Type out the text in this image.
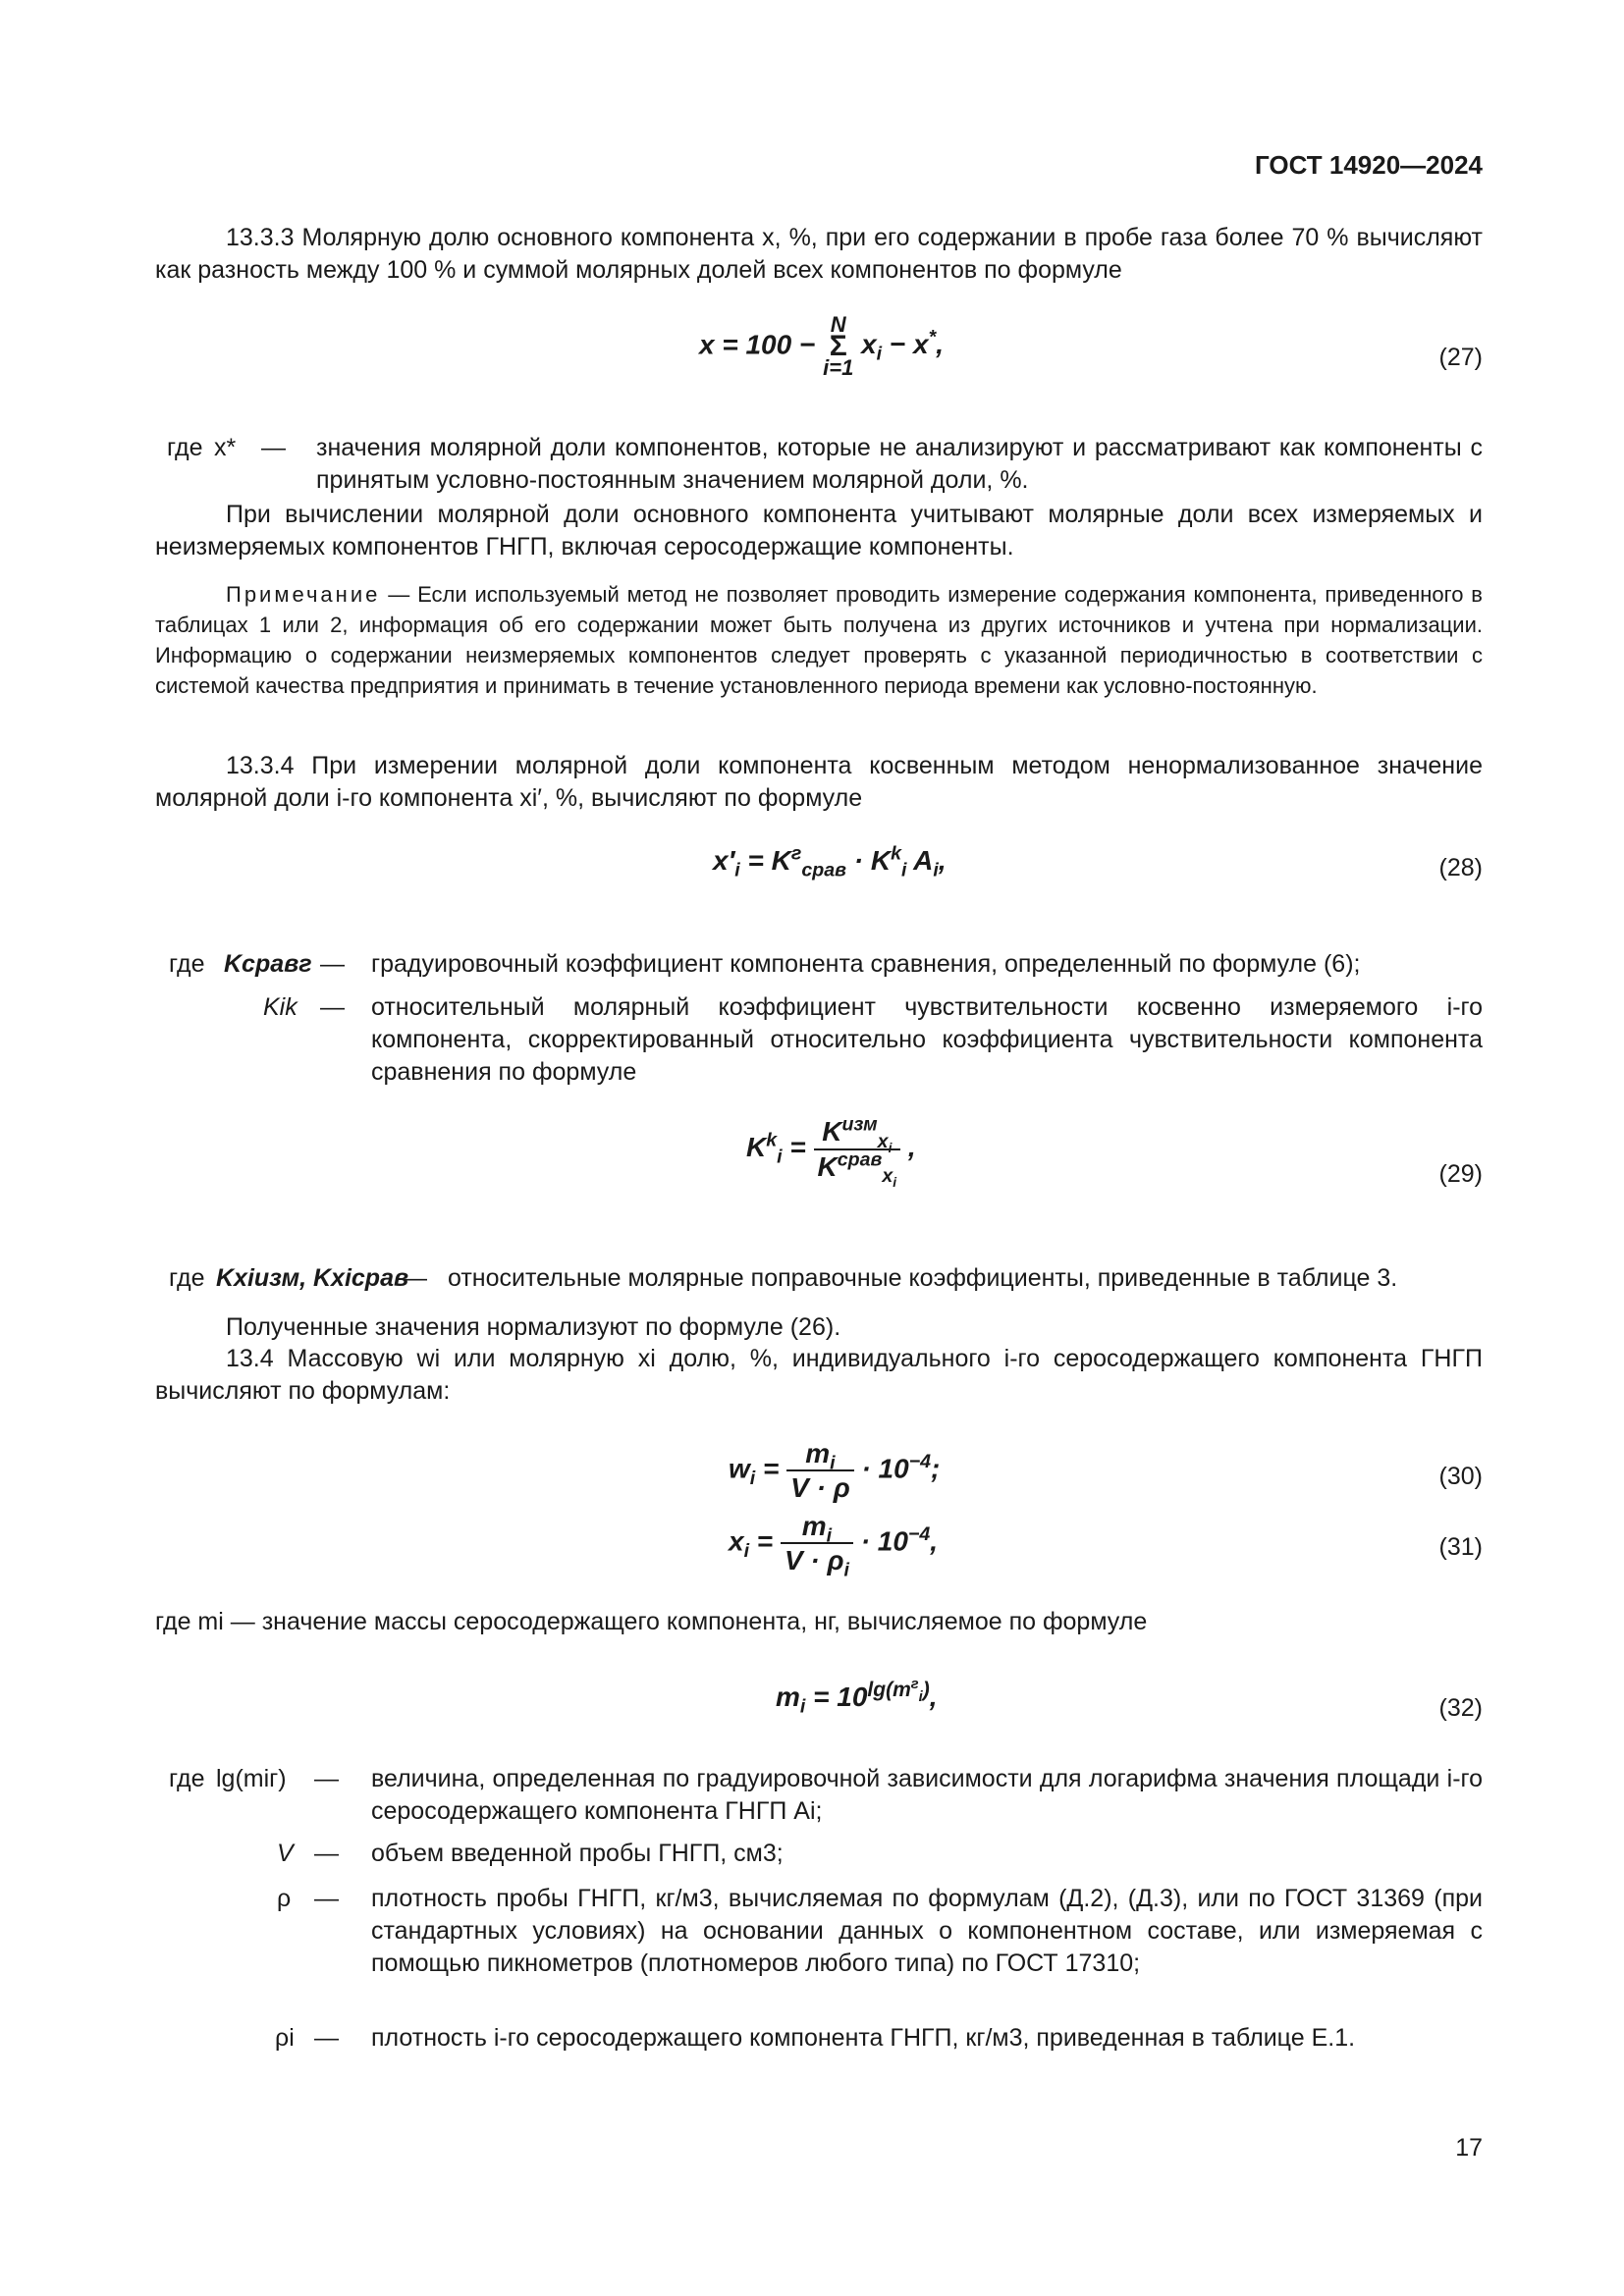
ГОСТ 14920—2024
13.3.3 Молярную долю основного компонента x, %, при его содержании в пробе газа более 70 % вычисляют как разность между 100 % и суммой молярных долей всех компонентов по формуле
x = 100 −
N
Σ
i=1
$x_i - x^*$,	(27)
где x* — значения молярной доли компонентов, которые не анализируют и рассматривают как компоненты с принятым условно-постоянным значением молярной доли, %.
При вычислении молярной доли основного компонента учитывают молярные доли всех измеряемых и неизмеряемых компонентов ГНГП, включая серосодержащие компоненты.
Примечание — Если используемый метод не позволяет проводить измерение содержания компонента, приведенного в таблицах 1 или 2, информация об его содержании может быть получена из других источников и учтена при нормализации. Информацию о содержании неизмеряемых компонентов следует проверять с указанной периодичностью в соответствии с системой качества предприятия и принимать в течение установленного периода времени как условно-постоянную.
13.3.4 При измерении молярной доли компонента косвенным методом ненормализованное значение молярной доли i-го компонента xi′, %, вычисляют по формуле
$x'_i = K^г_{срав} \cdot K^k_i$ $A_i$,	(28)
где Kсравг — градуировочный коэффициент компонента сравнения, определенный по формуле (6);
Kik — относительный молярный коэффициент чувствительности косвенно измеряемого i-го компонента, скорректированный относительно коэффициента чувствительности компонента сравнения по формуле
$K^k_i = \frac{K^{изм}_{x_i}}{K^{срав}_{x_i}}$ ,
(29)
где Kxiизм, Kxiсрав
— относительные молярные поправочные коэффициенты, приведенные в таблице 3.
Полученные значения нормализуют по формуле (26).
13.4 Массовую wi или молярную xi долю, %, индивидуального i-го серосодержащего компонента ГНГП вычисляют по формулам:
$w_i = \frac{m_i}{V \cdot \rho} \cdot 10^{-4}$;	(30)
$x_i = \frac{m_i}{V \cdot \rho_i} \cdot 10^{-4}$,	(31)
где mi — значение массы серосодержащего компонента, нг, вычисляемое по формуле
$m_i = 10^{lg(m^г_i)}$,	(32)
где lg(miг) — величина, определенная по градуировочной зависимости для логарифма значения площади i-го серосодержащего компонента ГНГП Ai;
V — объем введенной пробы ГНГП, см3;
ρ — плотность пробы ГНГП, кг/м3, вычисляемая по формулам (Д.2), (Д.3), или по ГОСТ 31369 (при стандартных условиях) на основании данных о компонентном составе, или измеряемая с помощью пикнометров (плотномеров любого типа) по ГОСТ 17310;
ρi — плотность i-го серосодержащего компонента ГНГП, кг/м3, приведенная в таблице Е.1.
17
